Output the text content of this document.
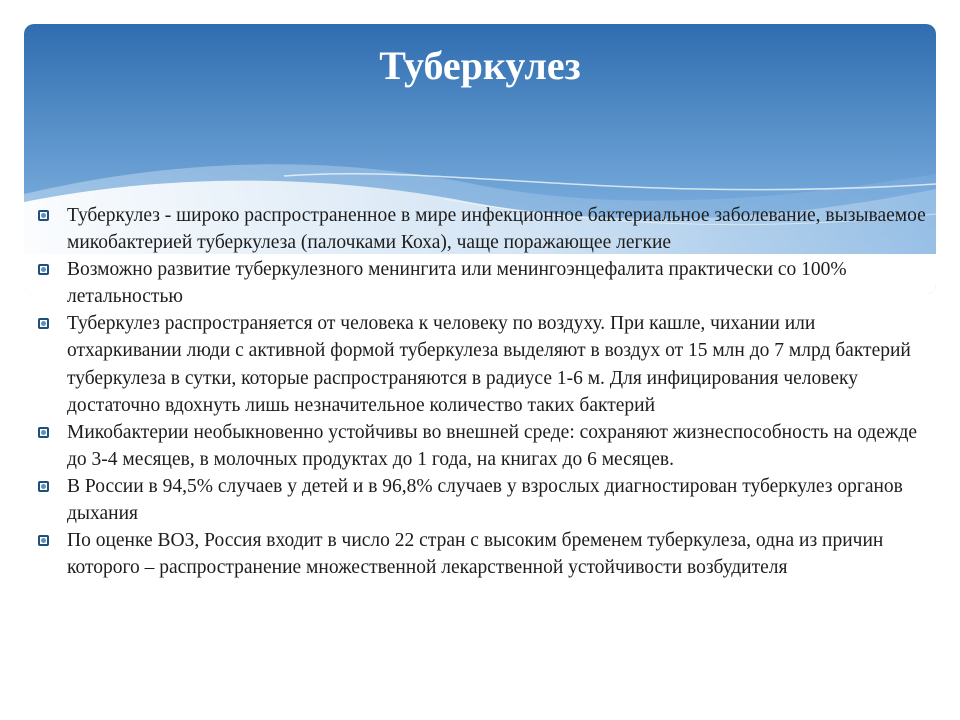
Туберкулез
Туберкулез - широко распространенное в мире инфекционное бактериальное заболевание, вызываемое микобактерией туберкулеза (палочками Коха), чаще поражающее легкие
Возможно развитие туберкулезного менингита или менингоэнцефалита практически со 100% летальностью
Туберкулез распространяется от человека к человеку по воздуху. При кашле, чихании или отхаркивании люди с активной формой туберкулеза выделяют в воздух от 15 млн до 7 млрд бактерий туберкулеза в сутки, которые распространяются в радиусе 1-6 м. Для инфицирования человеку достаточно вдохнуть лишь незначительное количество таких бактерий
Микобактерии необыкновенно устойчивы во внешней среде: сохраняют жизнеспособность на одежде до 3-4 месяцев, в молочных продуктах до 1 года, на книгах до 6 месяцев.
В России в 94,5% случаев у детей и в 96,8% случаев у взрослых диагностирован туберкулез органов дыхания
По оценке ВОЗ, Россия входит в число 22 стран с высоким бременем туберкулеза, одна из причин которого – распространение множественной лекарственной устойчивости возбудителя
